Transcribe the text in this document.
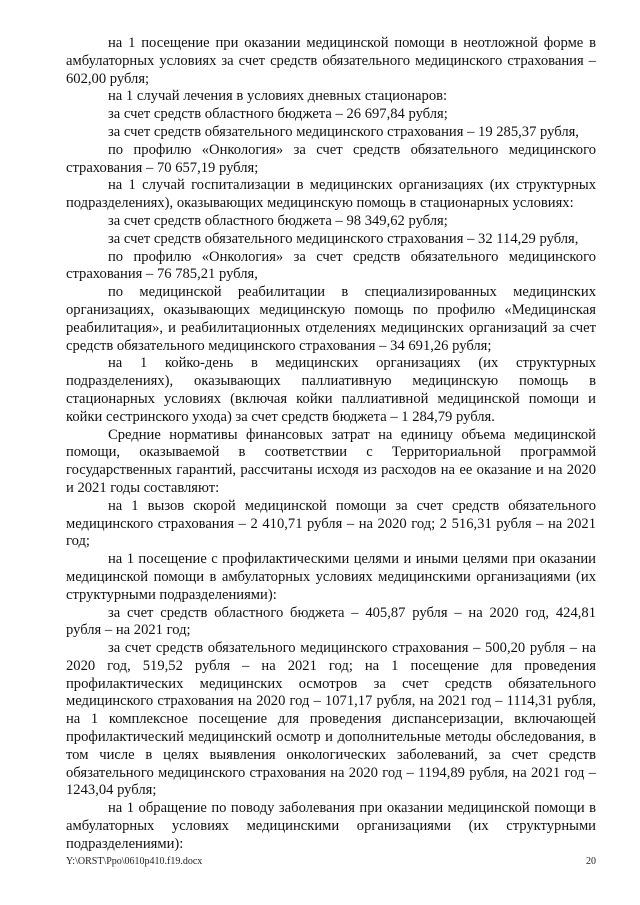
на 1 посещение при оказании медицинской помощи в неотложной форме в амбулаторных условиях за счет средств обязательного медицинского страхования – 602,00 рубля;

на 1 случай лечения в условиях дневных стационаров:

за счет средств областного бюджета – 26 697,84 рубля;

за счет средств обязательного медицинского страхования – 19 285,37 рубля,

по профилю «Онкология» за счет средств обязательного медицинского страхования – 70 657,19 рубля;

на 1 случай госпитализации в медицинских организациях (их структурных подразделениях), оказывающих медицинскую помощь в стационарных условиях:

за счет средств областного бюджета – 98 349,62 рубля;

за счет средств обязательного медицинского страхования – 32 114,29 рубля,

по профилю «Онкология» за счет средств обязательного медицинского страхования – 76 785,21 рубля,

по медицинской реабилитации в специализированных медицинских организациях, оказывающих медицинскую помощь по профилю «Медицинская реабилитация», и реабилитационных отделениях медицинских организаций за счет средств обязательного медицинского страхования – 34 691,26 рубля;

на 1 койко-день в медицинских организациях (их структурных подразделениях), оказывающих паллиативную медицинскую помощь в стационарных условиях (включая койки паллиативной медицинской помощи и койки сестринского ухода) за счет средств бюджета – 1 284,79 рубля.

Средние нормативы финансовых затрат на единицу объема медицинской помощи, оказываемой в соответствии с Территориальной программой государственных гарантий, рассчитаны исходя из расходов на ее оказание и на 2020 и 2021 годы составляют:

на 1 вызов скорой медицинской помощи за счет средств обязательного медицинского страхования – 2 410,71 рубля – на 2020 год; 2 516,31 рубля – на 2021 год;

на 1 посещение с профилактическими целями и иными целями при оказании медицинской помощи в амбулаторных условиях медицинскими организациями (их структурными подразделениями):

за счет средств областного бюджета – 405,87 рубля – на 2020 год, 424,81 рубля – на 2021 год;

за счет средств обязательного медицинского страхования – 500,20 рубля – на 2020 год, 519,52 рубля – на 2021 год; на 1 посещение для проведения профилактических медицинских осмотров за счет средств обязательного медицинского страхования на 2020 год – 1071,17 рубля, на 2021 год – 1114,31 рубля, на 1 комплексное посещение для проведения диспансеризации, включающей профилактический медицинский осмотр и дополнительные методы обследования, в том числе в целях выявления онкологических заболеваний, за счет средств обязательного медицинского страхования на 2020 год – 1194,89 рубля, на 2021 год – 1243,04 рубля;

на 1 обращение по поводу заболевания при оказании медицинской помощи в амбулаторных условиях медицинскими организациями (их структурными подразделениями):

Y:\ORST\Ppo\0610p410.f19.docx	20
